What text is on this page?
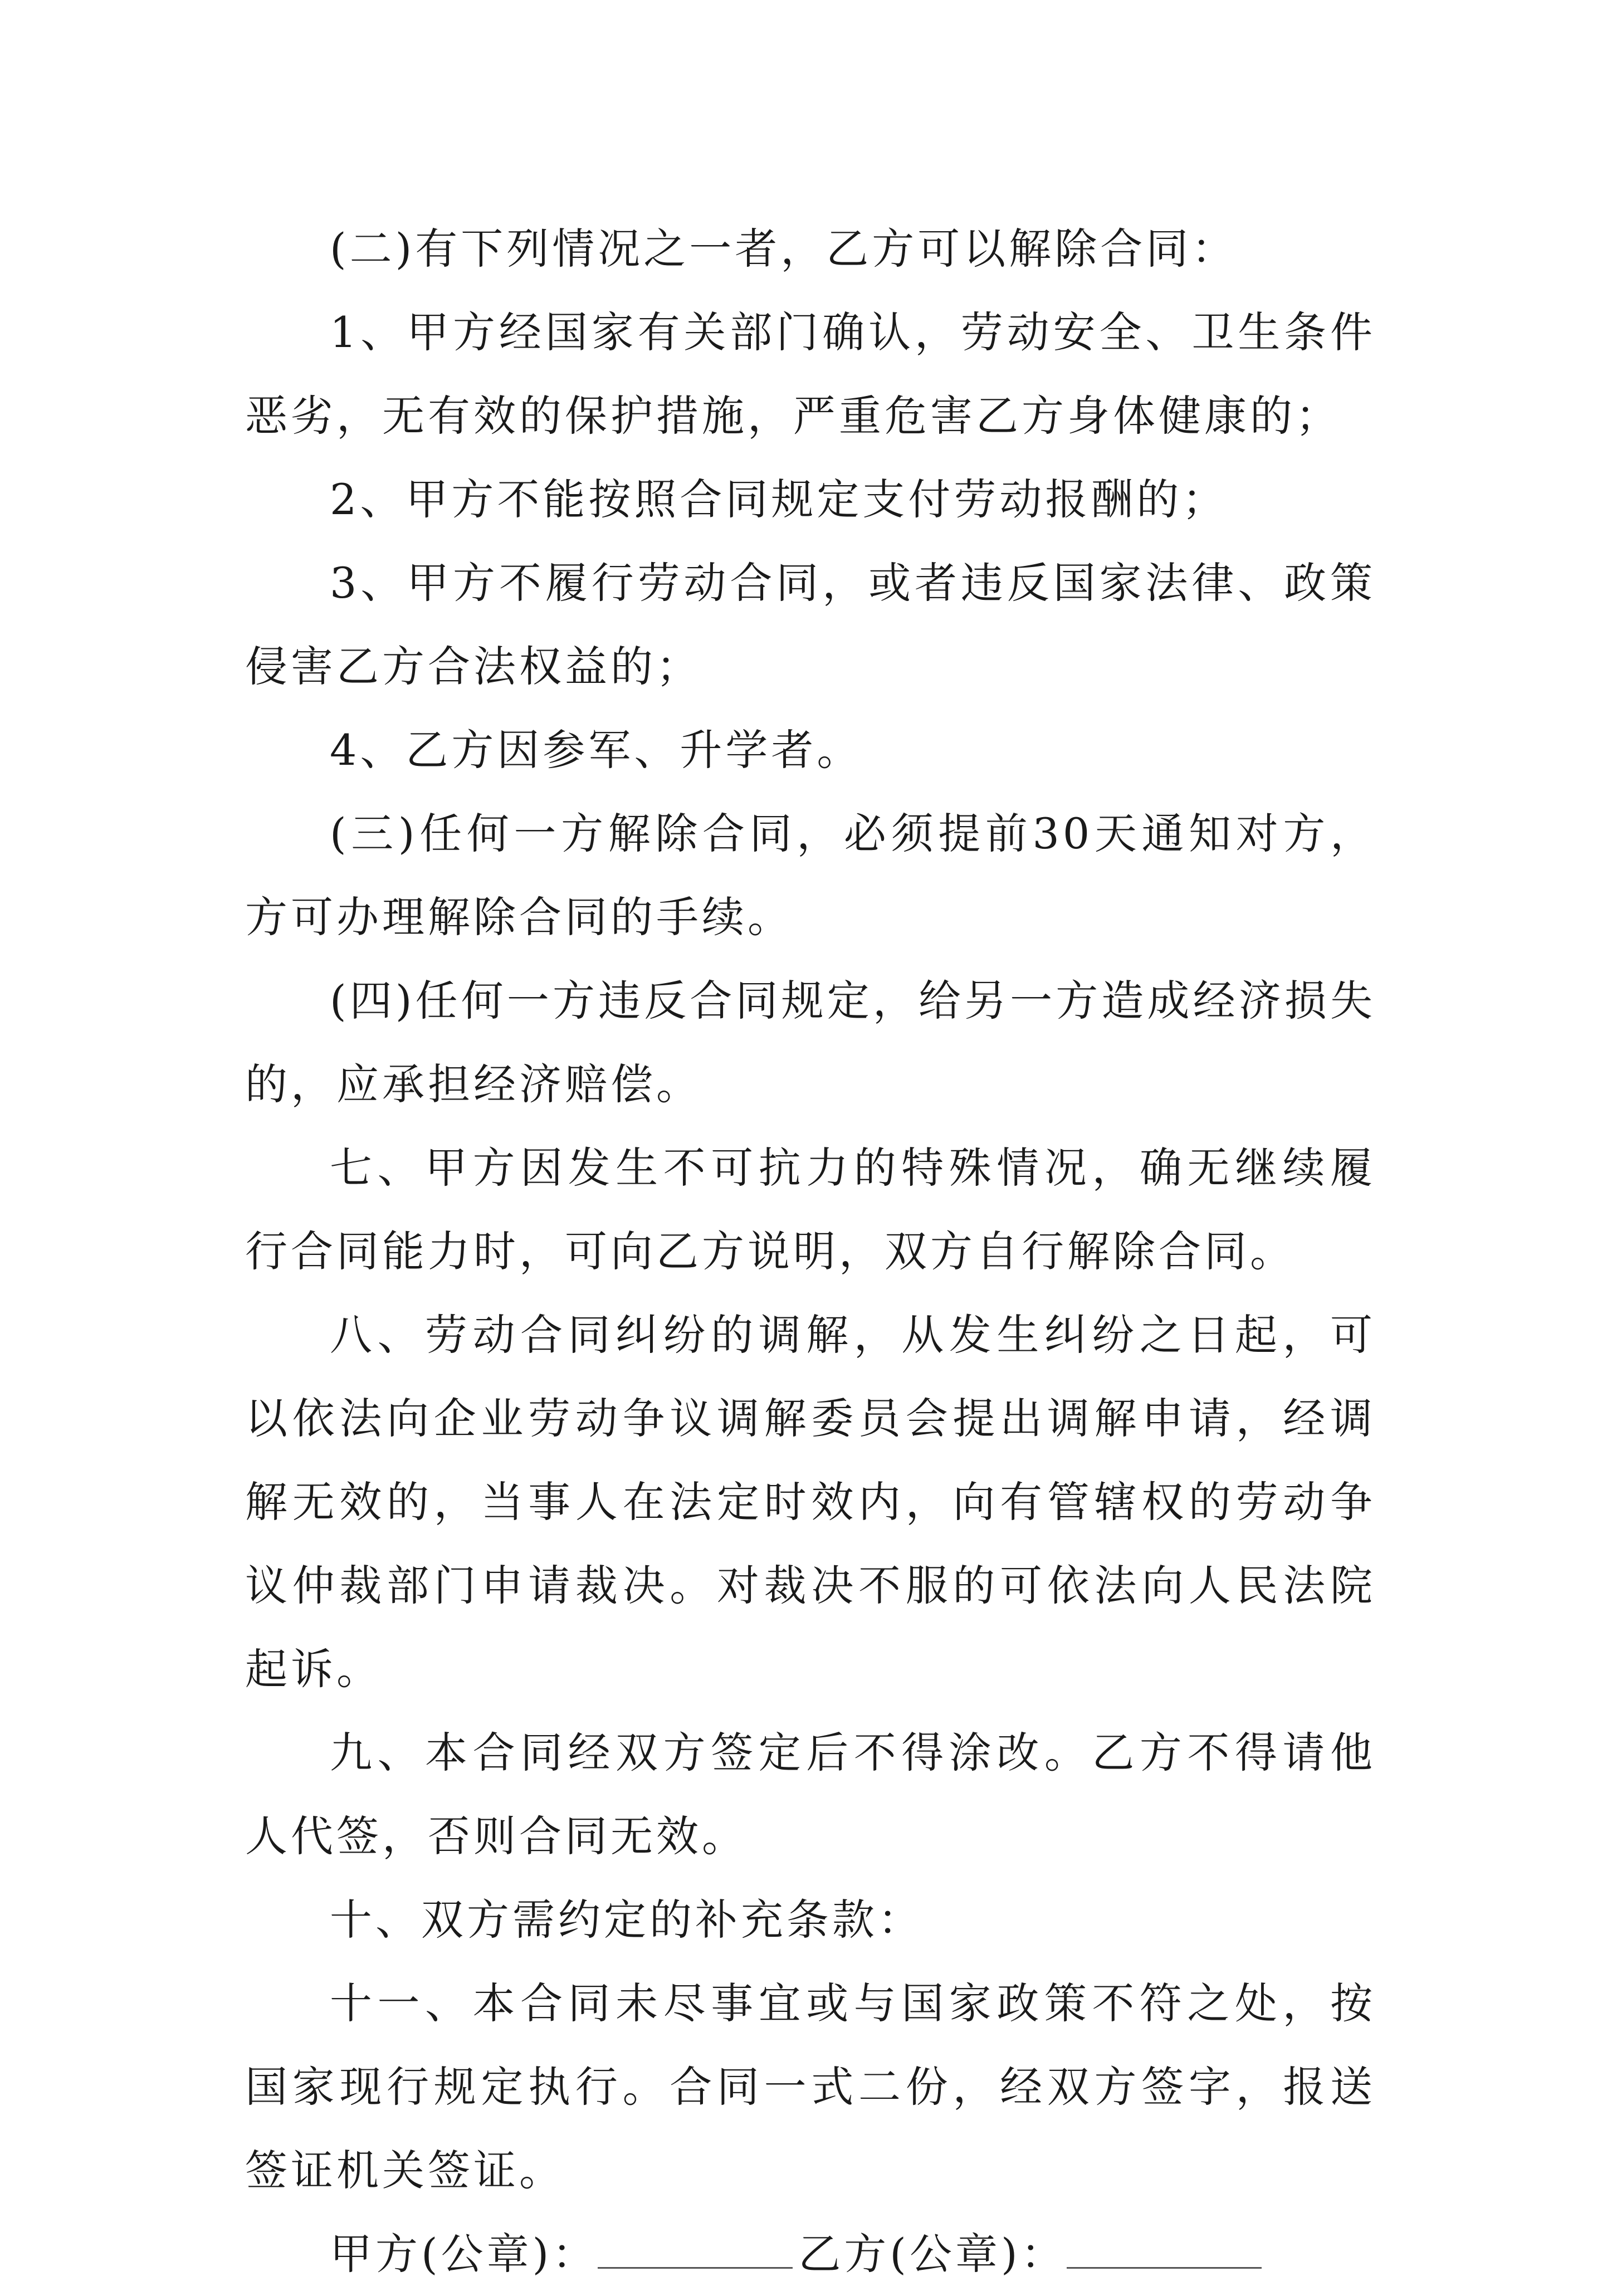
(二)有下列情况之一者，乙方可以解除合同：

1、甲方经国家有关部门确认，劳动安全、卫生条件恶劣，无有效的保护措施，严重危害乙方身体健康的；

2、甲方不能按照合同规定支付劳动报酬的；

3、甲方不履行劳动合同，或者违反国家法律、政策侵害乙方合法权益的；

4、乙方因参军、升学者。

(三)任何一方解除合同，必须提前30天通知对方，方可办理解除合同的手续。

(四)任何一方违反合同规定，给另一方造成经济损失的，应承担经济赔偿。

七、甲方因发生不可抗力的特殊情况，确无继续履行合同能力时，可向乙方说明，双方自行解除合同。

八、劳动合同纠纷的调解，从发生纠纷之日起，可以依法向企业劳动争议调解委员会提出调解申请，经调解无效的，当事人在法定时效内，向有管辖权的劳动争议仲裁部门申请裁决。对裁决不服的可依法向人民法院起诉。

九、本合同经双方签定后不得涂改。乙方不得请他人代签，否则合同无效。

十、双方需约定的补充条款：

十一、本合同未尽事宜或与国家政策不符之处，按国家现行规定执行。合同一式二份，经双方签字，报送签证机关签证。

甲方(公章)：	乙方(公章)：
